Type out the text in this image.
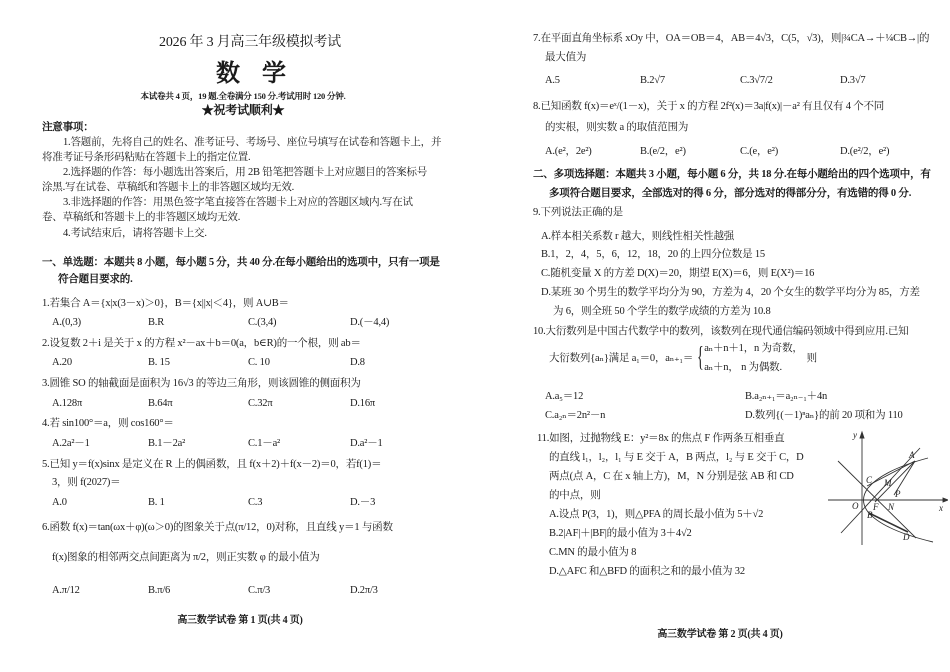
2026 年 3 月高三年级模拟考试
数学
本试卷共 4 页，19 题.全卷满分 150 分.考试用时 120 分钟.
★祝考试顺利★
注意事项：
1.答题前，先将自己的姓名、准考证号、考场号、座位号填写在试卷和答题卡上，并
将准考证号条形码粘贴在答题卡上的指定位置.
2.选择题的作答：每小题选出答案后，用 2B 铅笔把答题卡上对应题目的答案标号
涂黑.写在试卷、草稿纸和答题卡上的非答题区域均无效.
3.非选择题的作答：用黑色签字笔直接答在答题卡上对应的答题区域内.写在试
卷、草稿纸和答题卡上的非答题区域均无效.
4.考试结束后，请将答题卡上交.
一、单选题：本题共 8 小题，每小题 5 分，共 40 分.在每小题给出的选项中，只有一项是
符合题目要求的.
1.若集合 A＝{x|x(3－x)＞0}，B＝{x||x|＜4}，则 A∪B＝
A.(0,3)	B.R	C.(3,4)	D.(－4,4)
2.设复数 2＋i 是关于 x 的方程 x²－ax＋b＝0(a，b∈R)的一个根，则 ab＝
A.20	B. 15	C. 10	D.8
3.圆锥 SO 的轴截面是面积为 16√3 的等边三角形，则该圆锥的侧面积为
A.128π	B.64π	C.32π	D.16π
4.若 sin100°＝a，则 cos160°＝
A.2a²－1	B.1－2a²	C.1－a²	D.a²－1
5.已知 y＝f(x)sinx 是定义在 R 上的偶函数，且 f(x＋2)＋f(x－2)＝0，若f(1)＝
3，则 f(2027)＝
A.0	B. 1	C.3	D.－3
6.函数 f(x)＝tan(ωx＋φ)(ω＞0)的图象关于点(π/12，0)对称，且直线 y＝1 与函数
f(x)图象的相邻两交点间距离为 π/2，则正实数 φ 的最小值为
A.π/12	B.π/6	C.π/3	D.2π/3
高三数学试卷 第 1 页(共 4 页)
7.在平面直角坐标系 xOy 中，OA＝OB＝4，AB＝4√3，C(5，√3)，则|¾CA→＋¼CB→|的
最大值为
A.5	B.2√7	C.3√7/2	D.3√7
8.已知函数 f(x)＝eˣ/(1－x)，关于 x 的方程 2f²(x)＝3a|f(x)|－a² 有且仅有 4 个不同
的实根，则实数 a 的取值范围为
A.(e²，2e²)	B.(e/2，e²)	C.(e，e²)	D.(e²/2，e²)
二、多项选择题：本题共 3 小题，每小题 6 分，共 18 分.在每小题给出的四个选项中，有
多项符合题目要求，全部选对的得 6 分，部分选对的得部分分，有选错的得 0 分.
9.下列说法正确的是
A.样本相关系数 r 越大，则线性相关性越强
B.1，2，4，5，6，12，18，20 的上四分位数是 15
C.随机变量 X 的方差 D(X)＝20，期望 E(X)＝6，则 E(X²)＝16
D.某班 30 个男生的数学平均分为 90，方差为 4，20 个女生的数学平均分为 85，方差
为 6，则全班 50 个学生的数学成绩的方差为 10.8
10.大衍数列是中国古代数学中的数列，该数列在现代通信编码领域中得到应用.已知
大衍数列{aₙ}满足 a₁＝0，aₙ₊₁＝ { aₙ＋n＋1，n 为奇数，
aₙ＋n， n 为偶数.
则
A.a₅＝12	B.a₂ₙ₊₁＝a₂ₙ₋₁＋4n
C.a₂ₙ＝2n²－n	D.数列{(－1)ⁿaₙ}的前 20 项和为 110
11.如图，过抛物线 E：y²＝8x 的焦点 F 作两条互相垂直
的直线 l₁，l₂，l₁ 与 E 交于 A，B 两点，l₂ 与 E 交于 C，D
两点(点 A，C 在 x 轴上方)，M，N 分别是弦 AB 和 CD
的中点，则
A.设点 P(3，1)，则△PFA 的周长最小值为 5＋√2
B.2|AF|＋|BF|的最小值为 3＋4√2
C.MN 的最小值为 8
D.△AFC 和△BFD 的面积之和的最小值为 32
A
B
C
D
M
N
P
F
O	x
y
高三数学试卷 第 2 页(共 4 页)
